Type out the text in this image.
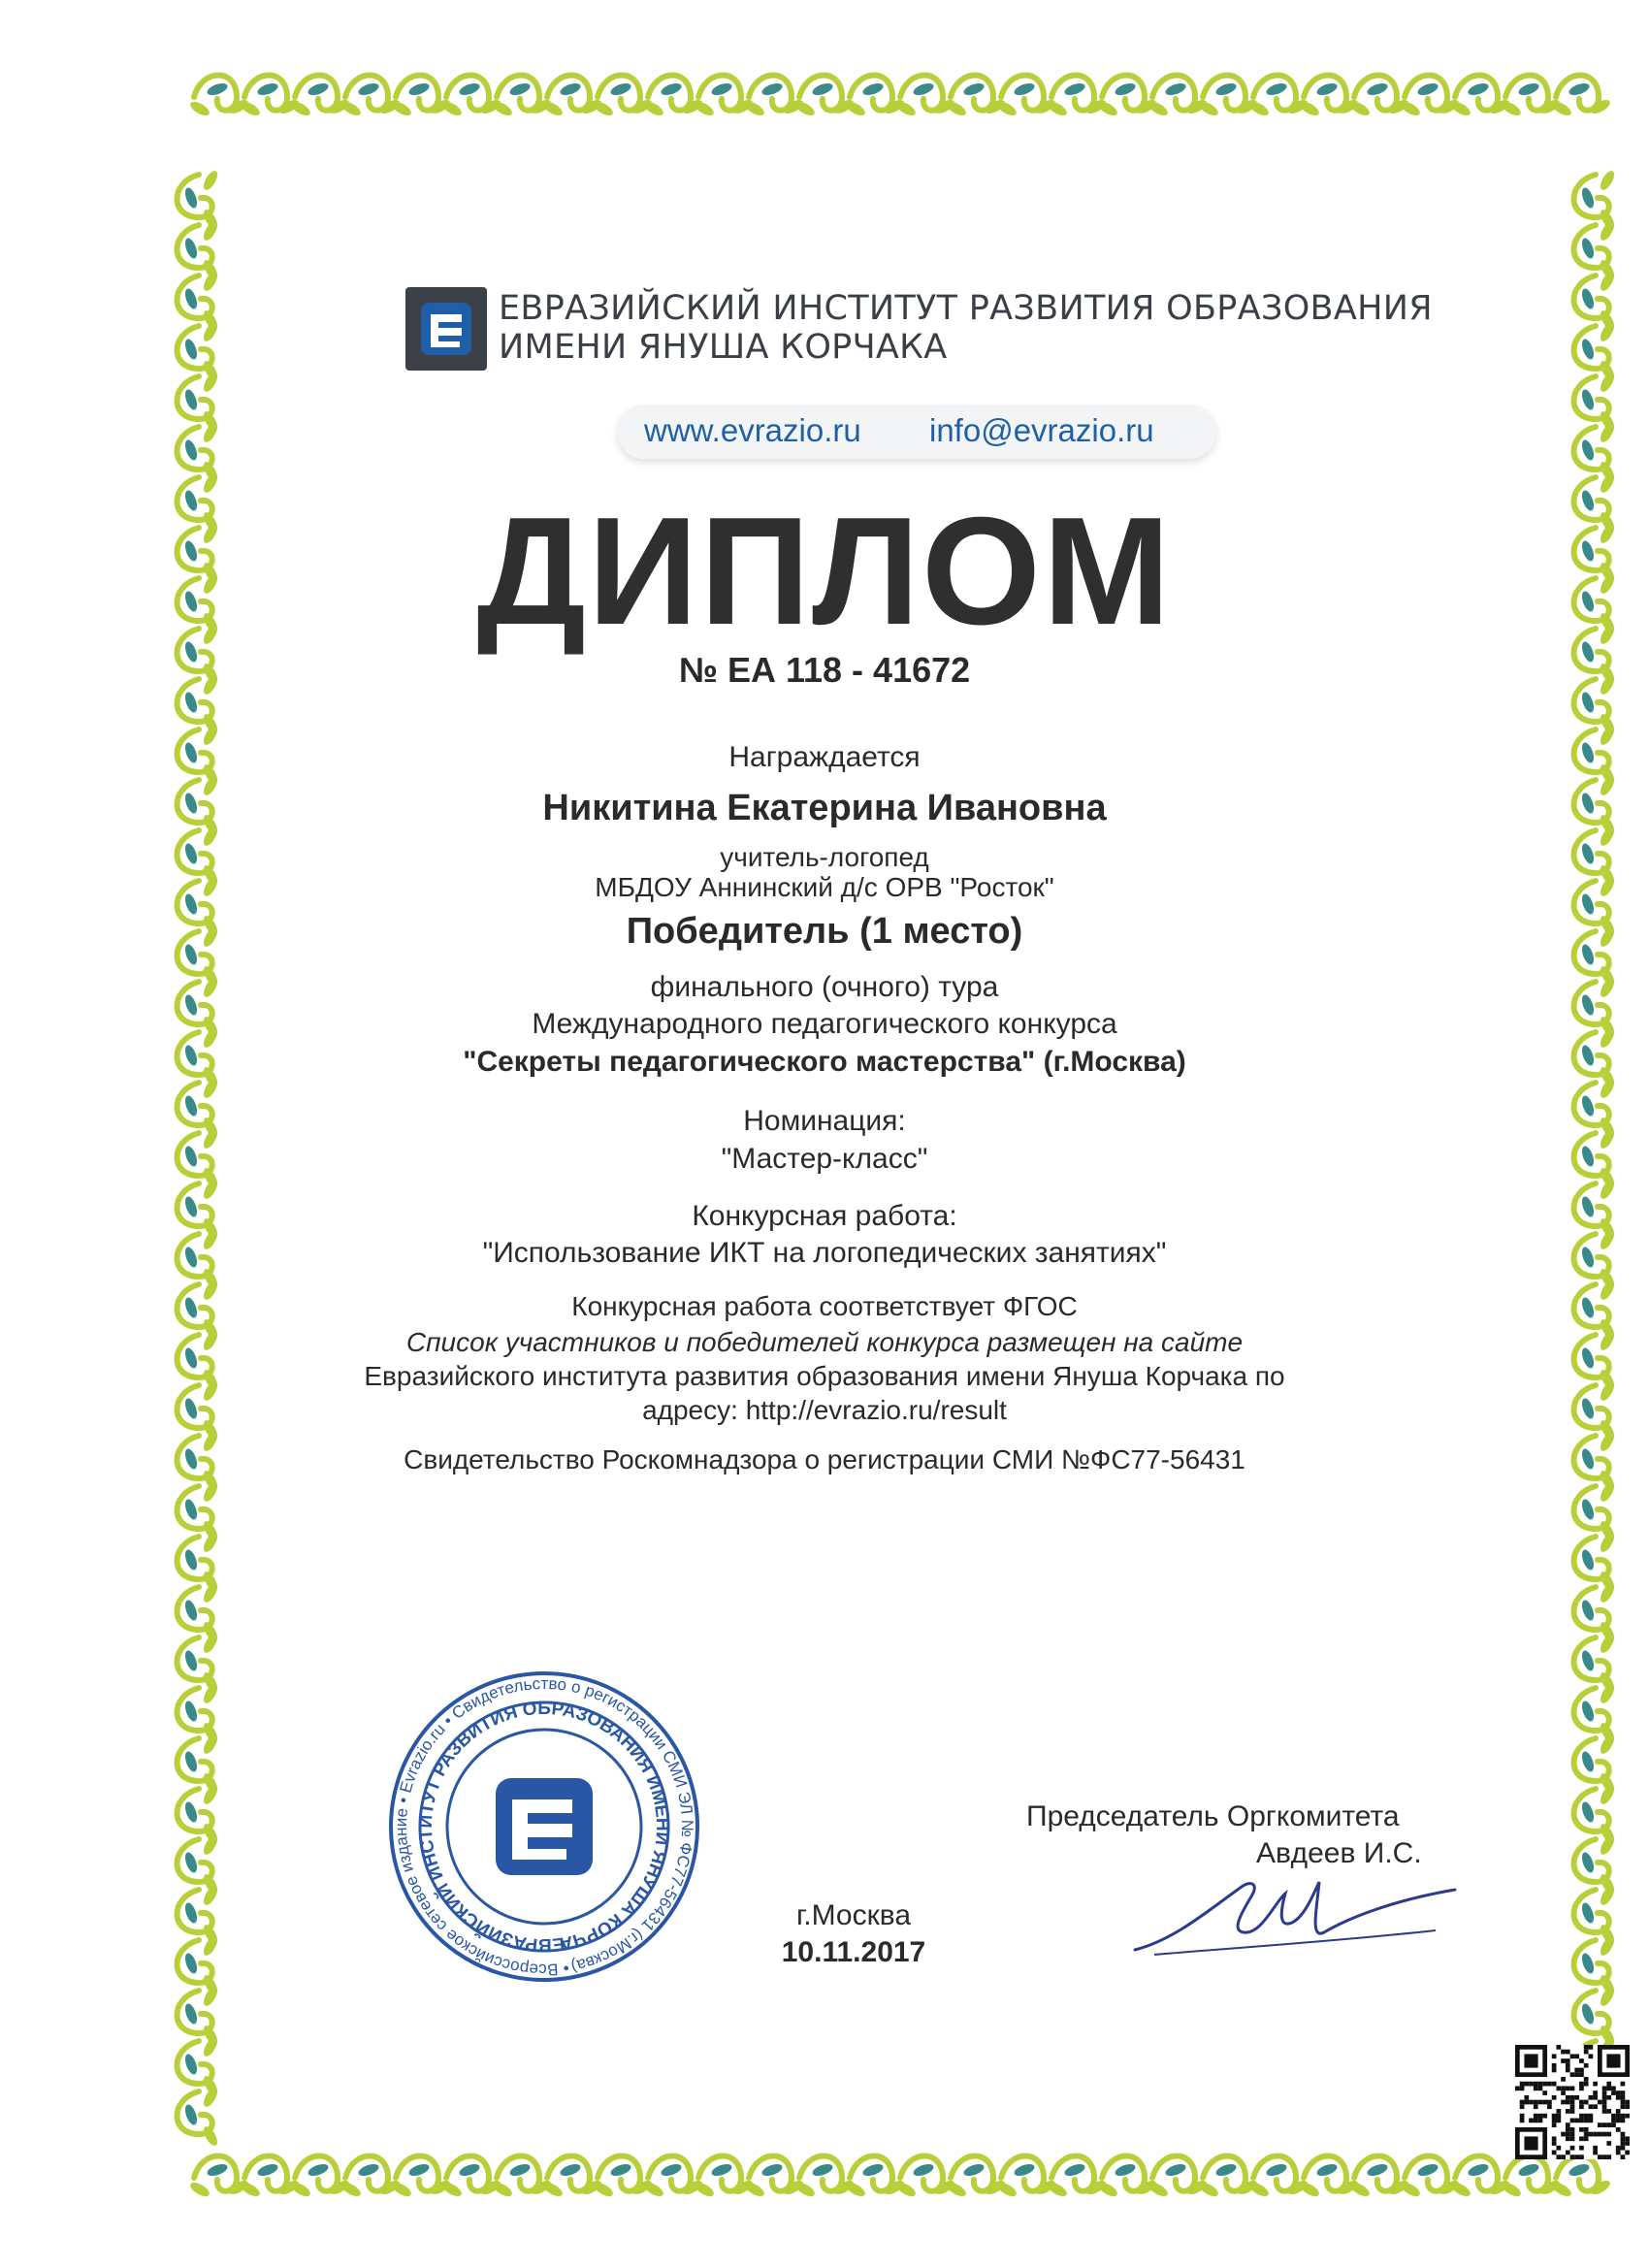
ЕВРАЗИЙСКИЙ ИНСТИТУТ РАЗВИТИЯ ОБРАЗОВАНИЯ
ИМЕНИ ЯНУША КОРЧАКА
www.evrazio.ru info@evrazio.ru
ДИПЛОМ
№ ЕА 118 - 41672
Награждается
Никитина Екатерина Ивановна
учитель-логопед
МБДОУ Аннинский д/с ОРВ "Росток"
Победитель (1 место)
финального (очного) тура
Международного педагогического конкурса
"Секреты педагогического мастерства" (г.Москва)
Номинация:
"Мастер-класс"
Конкурсная работа:
"Использование ИКТ на логопедических занятиях"
Конкурсная работа соответствует ФГОС
Список участников и победителей конкурса размещен на сайте
Евразийского института развития образования имени Януша Корчака по
адресу: http://evrazio.ru/result
Свидетельство Роскомнадзора о регистрации СМИ №ФС77-56431
• Всероссийское сетевое издание • Evrazio.ru • Свидетельство о регистрации СМИ ЭЛ № ФС77-56431 (г.Москва)
ЕВРАЗИЙСКИЙ ИНСТИТУТ РАЗВИТИЯ ОБРАЗОВАНИЯ ИМЕНИ ЯНУША КОРЧАКА
г.Москва
10.11.2017
Председатель Оргкомитета
Авдеев И.С.
